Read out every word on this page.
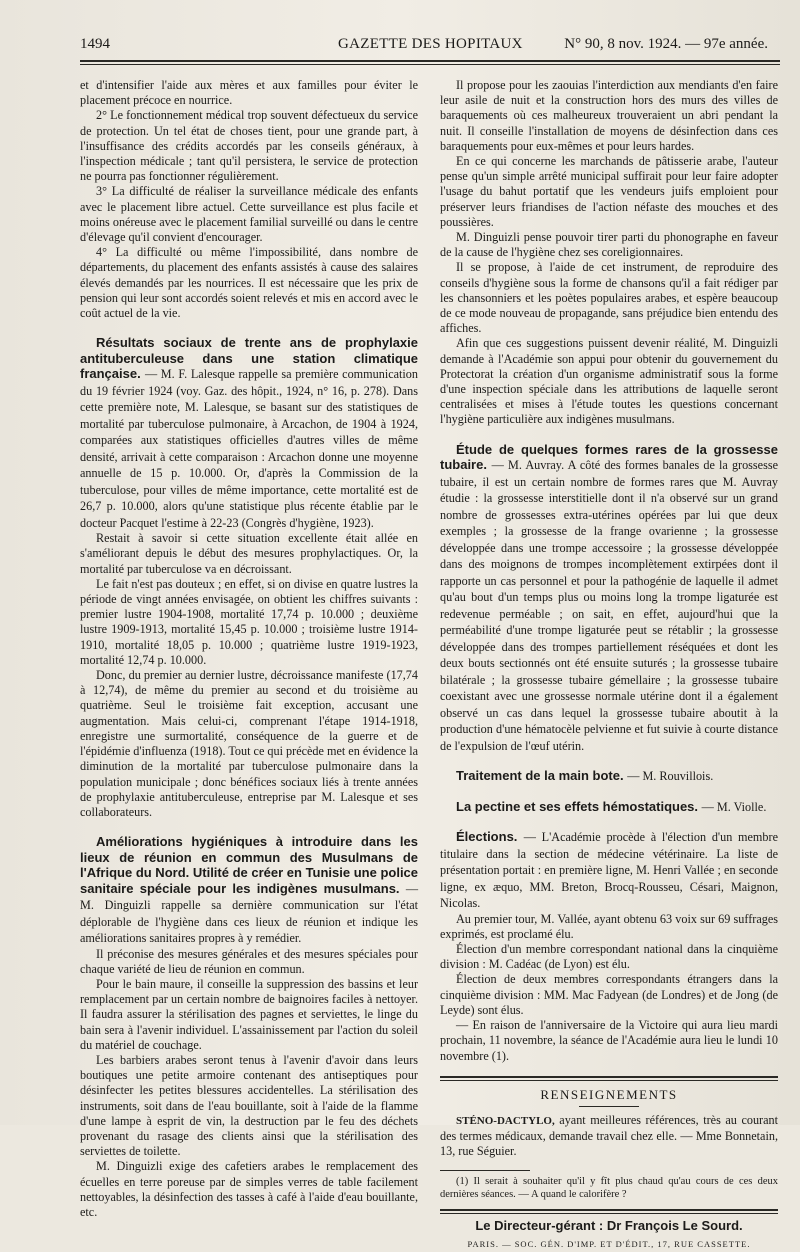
1494	GAZETTE DES HOPITAUX	N° 90, 8 nov. 1924. — 97e année.

et d'intensifier l'aide aux mères et aux familles pour éviter le placement précoce en nourrice.

2° Le fonctionnement médical trop souvent défectueux du service de protection. Un tel état de choses tient, pour une grande part, à l'insuffisance des crédits accordés par les conseils généraux, à l'inspection médicale ; tant qu'il persistera, le service de protection ne pourra pas fonctionner régulièrement.

3° La difficulté de réaliser la surveillance médicale des enfants avec le placement libre actuel. Cette surveillance est plus facile et moins onéreuse avec le placement familial surveillé ou dans le centre d'élevage qu'il convient d'encourager.

4° La difficulté ou même l'impossibilité, dans nombre de départements, du placement des enfants assistés à cause des salaires élevés demandés par les nourrices. Il est nécessaire que les prix de pension qui leur sont accordés soient relevés et mis en accord avec le coût actuel de la vie.

Résultats sociaux de trente ans de prophylaxie antituberculeuse dans une station climatique française. — M. F. Lalesque rappelle sa première communication du 19 février 1924 (voy. Gaz. des hôpit., 1924, n° 16, p. 278). Dans cette première note, M. Lalesque, se basant sur des statistiques de mortalité par tuberculose pulmonaire, à Arcachon, de 1904 à 1924, comparées aux statistiques officielles d'autres villes de même densité, arrivait à cette comparaison : Arcachon donne une moyenne annuelle de 15 p. 10.000. Or, d'après la Commission de la tuberculose, pour villes de même importance, cette mortalité est de 26,7 p. 10.000, alors qu'une statistique plus récente établie par le docteur Pacquet l'estime à 22-23 (Congrès d'hygiène, 1923).

Restait à savoir si cette situation excellente était allée en s'améliorant depuis le début des mesures prophylactiques. Or, la mortalité par tuberculose va en décroissant.

Le fait n'est pas douteux ; en effet, si on divise en quatre lustres la période de vingt années envisagée, on obtient les chiffres suivants : premier lustre 1904-1908, mortalité 17,74 p. 10.000 ; deuxième lustre 1909-1913, mortalité 15,45 p. 10.000 ; troisième lustre 1914-1910, mortalité 18,05 p. 10.000 ; quatrième lustre 1919-1923, mortalité 12,74 p. 10.000.

Donc, du premier au dernier lustre, décroissance manifeste (17,74 à 12,74), de même du premier au second et du troisième au quatrième. Seul le troisième fait exception, accusant une augmentation. Mais celui-ci, comprenant l'étape 1914-1918, enregistre une surmortalité, conséquence de la guerre et de l'épidémie d'influenza (1918). Tout ce qui précède met en évidence la diminution de la mortalité par tuberculose pulmonaire dans la population municipale ; donc bénéfices sociaux liés à trente années de prophylaxie antituberculeuse, entreprise par M. Lalesque et ses collaborateurs.

Améliorations hygiéniques à introduire dans les lieux de réunion en commun des Musulmans de l'Afrique du Nord. Utilité de créer en Tunisie une police sanitaire spéciale pour les indigènes musulmans. — M. Dinguizli rappelle sa dernière communication sur l'état déplorable de l'hygiène dans ces lieux de réunion et indique les améliorations sanitaires propres à y remédier.

Il préconise des mesures générales et des mesures spéciales pour chaque variété de lieu de réunion en commun.

Pour le bain maure, il conseille la suppression des bassins et leur remplacement par un certain nombre de baignoires faciles à nettoyer. Il faudra assurer la stérilisation des pagnes et serviettes, le linge du bain sera à l'avenir individuel. L'assainissement par l'action du soleil du matériel de couchage.

Les barbiers arabes seront tenus à l'avenir d'avoir dans leurs boutiques une petite armoire contenant des antiseptiques pour désinfecter les petites blessures accidentelles. La stérilisation des instruments, soit dans de l'eau bouillante, soit à l'aide de la flamme d'une lampe à esprit de vin, la destruction par le feu des déchets provenant du rasage des clients ainsi que la stérilisation des serviettes de toilette.

M. Dinguizli exige des cafetiers arabes le remplacement des écuelles en terre poreuse par de simples verres de table facilement nettoyables, la désinfection des tasses à café à l'aide d'eau bouillante, etc.

Il propose pour les zaouias l'interdiction aux mendiants d'en faire leur asile de nuit et la construction hors des murs des villes de baraquements où ces malheureux trouveraient un abri pendant la nuit. Il conseille l'installation de moyens de désinfection dans ces baraquements pour eux-mêmes et pour leurs hardes.

En ce qui concerne les marchands de pâtisserie arabe, l'auteur pense qu'un simple arrêté municipal suffirait pour leur faire adopter l'usage du bahut portatif que les vendeurs juifs emploient pour préserver leurs friandises de l'action néfaste des mouches et des poussières.

M. Dinguizli pense pouvoir tirer parti du phonographe en faveur de la cause de l'hygiène chez ses coreligionnaires.

Il se propose, à l'aide de cet instrument, de reproduire des conseils d'hygiène sous la forme de chansons qu'il a fait rédiger par les chansonniers et les poètes populaires arabes, et espère beaucoup de ce mode nouveau de propagande, sans préjudice bien entendu des affiches.

Afin que ces suggestions puissent devenir réalité, M. Dinguizli demande à l'Académie son appui pour obtenir du gouvernement du Protectorat la création d'un organisme administratif sous la forme d'une inspection spéciale dans les attributions de laquelle seront centralisées et mises à l'étude toutes les questions concernant l'hygiène particulière aux indigènes musulmans.

Étude de quelques formes rares de la grossesse tubaire. — M. Auvray. A côté des formes banales de la grossesse tubaire, il est un certain nombre de formes rares que M. Auvray étudie : la grossesse interstitielle dont il n'a observé sur un grand nombre de grossesses extra-utérines opérées par lui que deux exemples ; la grossesse de la frange ovarienne ; la grossesse développée dans une trompe accessoire ; la grossesse développée dans des moignons de trompes incomplètement extirpées dont il rapporte un cas personnel et pour la pathogénie de laquelle il admet qu'au bout d'un temps plus ou moins long la trompe ligaturée est redevenue perméable ; on sait, en effet, aujourd'hui que la perméabilité d'une trompe ligaturée peut se rétablir ; la grossesse développée dans des trompes partiellement réséquées et dont les deux bouts sectionnés ont été ensuite suturés ; la grossesse tubaire bilatérale ; la grossesse tubaire gémellaire ; la grossesse tubaire coexistant avec une grossesse normale utérine dont il a également observé un cas dans lequel la grossesse tubaire aboutit à la production d'une hématocèle pelvienne et fut suivie à courte distance de l'expulsion de l'œuf utérin.
Traitement de la main bote. — M. Rouvillois.
La pectine et ses effets hémostatiques. — M. Violle.
Élections. — L'Académie procède à l'élection d'un membre titulaire dans la section de médecine vétérinaire. La liste de présentation portait : en première ligne, M. Henri Vallée ; en seconde ligne, ex æquo, MM. Breton, Brocq-Rousseu, Césari, Maignon, Nicolas.

Au premier tour, M. Vallée, ayant obtenu 63 voix sur 69 suffrages exprimés, est proclamé élu.

Élection d'un membre correspondant national dans la cinquième division : M. Cadéac (de Lyon) est élu.

Élection de deux membres correspondants étrangers dans la cinquième division : MM. Mac Fadyean (de Londres) et de Jong (de Leyde) sont élus.

— En raison de l'anniversaire de la Victoire qui aura lieu mardi prochain, 11 novembre, la séance de l'Académie aura lieu le lundi 10 novembre (1).

RENSEIGNEMENTS

STÉNO-DACTYLO, ayant meilleures références, très au courant des termes médicaux, demande travail chez elle. — Mme Bonnetain, 13, rue Séguier.

(1) Il serait à souhaiter qu'il y fît plus chaud qu'au cours de ces deux dernières séances. — A quand le calorifère ?

Le Directeur-gérant : Dr François Le Sourd.
PARIS. — SOC. GÉN. D'IMP. ET D'ÉDIT., 17, RUE CASSETTE.
